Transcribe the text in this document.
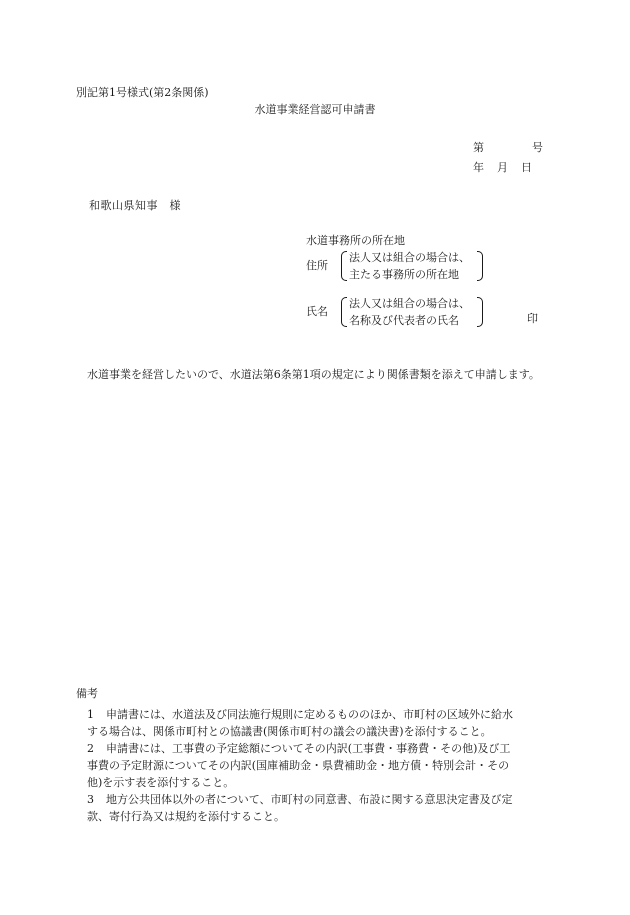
別記第1号様式(第2条関係)
水道事業経営認可申請書
第	号
年 月 日
和歌山県知事　様
水道事務所の所在地
住所
法人又は組合の場合は、
主たる事務所の所在地
氏名
法人又は組合の場合は、
名称及び代表者の氏名	印
水道事業を経営したいので、水道法第6条第1項の規定により関係書類を添えて申請します。
備考
1 申請書には、水道法及び同法施行規則に定めるもののほか、市町村の区域外に給水
する場合は、関係市町村との協議書(関係市町村の議会の議決書)を添付すること。
2 申請書には、工事費の予定総額についてその内訳(工事費・事務費・その他)及び工
事費の予定財源についてその内訳(国庫補助金・県費補助金・地方債・特別会計・その
他)を示す表を添付すること。
3 地方公共団体以外の者について、市町村の同意書、布設に関する意思決定書及び定
款、寄付行為又は規約を添付すること。
